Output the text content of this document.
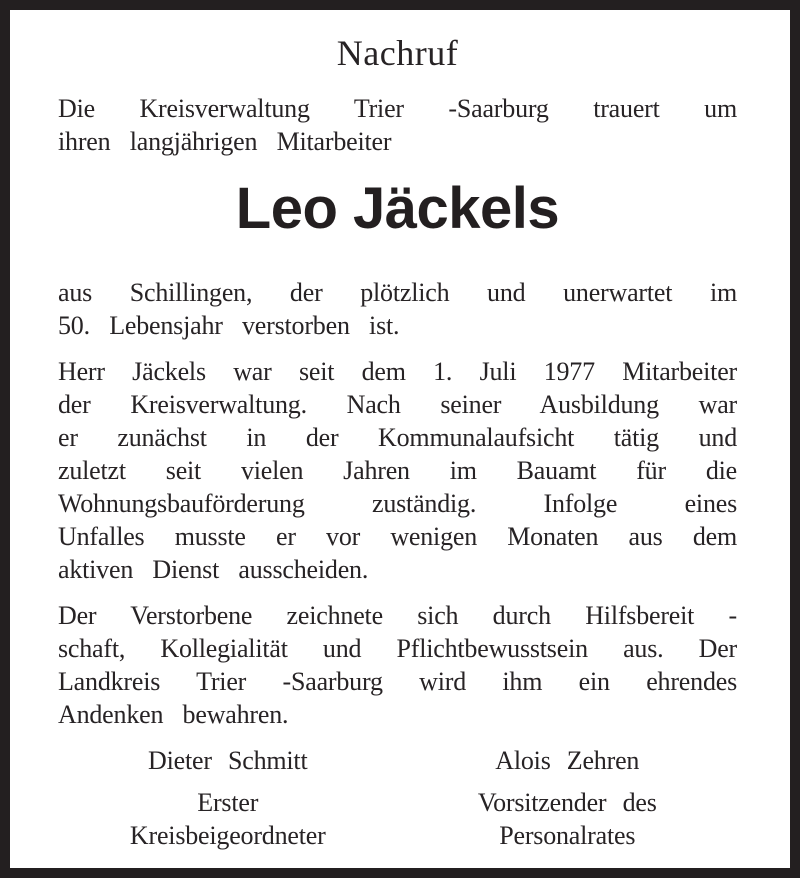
Nachruf
Die Kreisverwaltung Trier -Saarburg trauert um
ihren langjährigen Mitarbeiter
Leo Jäckels
aus Schillingen, der plötzlich und unerwartet im
50. Lebensjahr verstorben ist.
Herr Jäckels war seit dem 1. Juli 1977 Mitarbeiter
der Kreisverwaltung. Nach seiner Ausbildung war
er zunächst in der Kommunalaufsicht tätig und
zuletzt seit vielen Jahren im Bauamt für die
Wohnungsbauförderung zuständig. Infolge eines
Unfalles musste er vor wenigen Monaten aus dem
aktiven Dienst ausscheiden.
Der Verstorbene zeichnete sich durch Hilfsbereit -
schaft, Kollegialität und Pflichtbewusstsein aus. Der
Landkreis Trier -Saarburg wird ihm ein ehrendes
Andenken bewahren.
Dieter Schmitt
Erster
Kreisbeigeordneter
Alois Zehren
Vorsitzender des
Personalrates
